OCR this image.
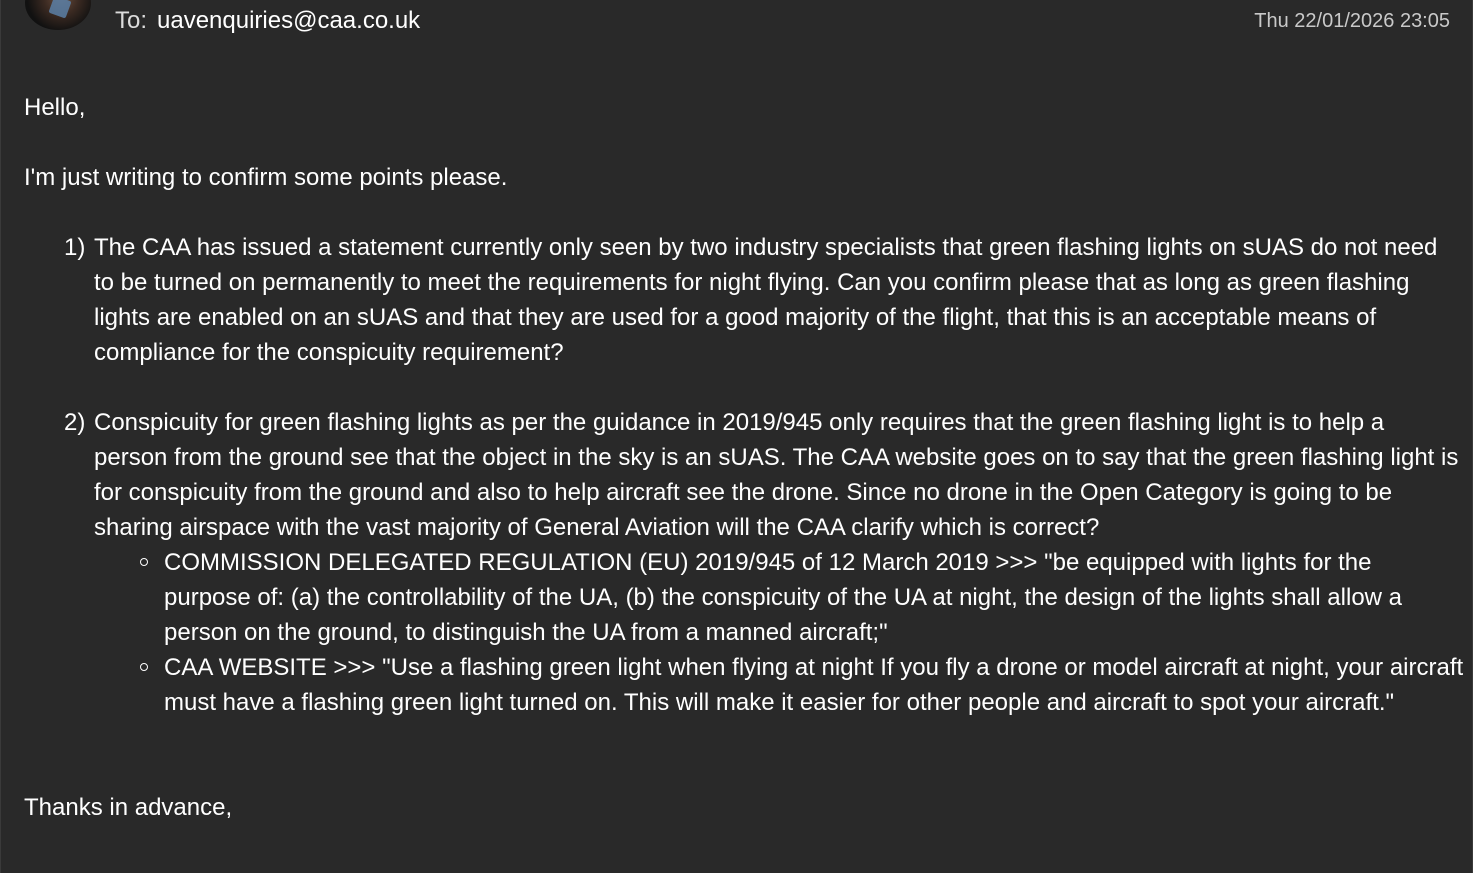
To: uavenquiries@caa.co.uk	Thu 22/01/2026 23:05

Hello,

I'm just writing to confirm some points please.

1) The CAA has issued a statement currently only seen by two industry specialists that green flashing lights on sUAS do not need to be turned on permanently to meet the requirements for night flying. Can you confirm please that as long as green flashing lights are enabled on an sUAS and that they are used for a good majority of the flight, that this is an acceptable means of compliance for the conspicuity requirement?
2) Conspicuity for green flashing lights as per the guidance in 2019/945 only requires that the green flashing light is to help a person from the ground see that the object in the sky is an sUAS. The CAA website goes on to say that the green flashing light is for conspicuity from the ground and also to help aircraft see the drone. Since no drone in the Open Category is going to be sharing airspace with the vast majority of General Aviation will the CAA clarify which is correct?
COMMISSION DELEGATED REGULATION (EU) 2019/945 of 12 March 2019 >>> "be equipped with lights for the purpose of: (a) the controllability of the UA, (b) the conspicuity of the UA at night, the design of the lights shall allow a person on the ground, to distinguish the UA from a manned aircraft;"
CAA WEBSITE >>> "Use a flashing green light when flying at night If you fly a drone or model aircraft at night, your aircraft must have a flashing green light turned on. This will make it easier for other people and aircraft to spot your aircraft."

Thanks in advance,
